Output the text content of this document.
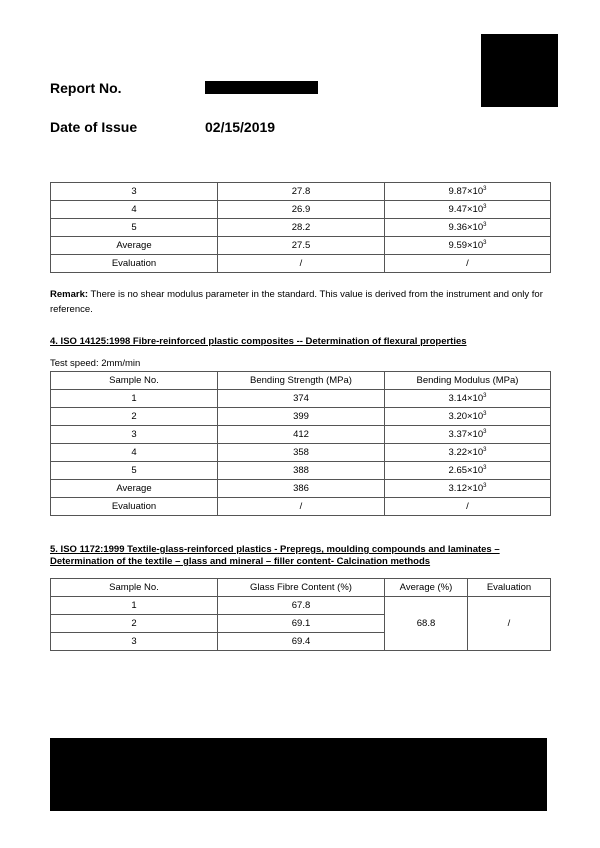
Report No.
Date of Issue	02/15/2019
3	27.8	$9.87\times 10^3$
4	26.9	$9.47\times 10^3$
5	28.2	$9.36\times 10^3$
Average	27.5	$9.59\times 10^3$
Evaluation	/	/
Remark: There is no shear modulus parameter in the standard. This value is derived from the instrument and only for reference.
4. ISO 14125:1998 Fibre-reinforced plastic composites -- Determination of flexural properties
Test speed: 2mm/min
Sample No.	Bending Strength (MPa)	Bending Modulus (MPa)
1	374	$3.14\times 10^3$
2	399	$3.20\times 10^3$
3	412	$3.37\times 10^3$
4	358	$3.22\times 10^3$
5	388	$2.65\times 10^3$
Average	386	$3.12\times 10^3$
Evaluation	/	/
5. ISO 1172:1999 Textile-glass-reinforced plastics - Prepregs, moulding compounds and laminates –
Determination of the textile – glass and mineral – filler content- Calcination methods
Sample No.	Glass Fibre Content (%)	Average (%)	Evaluation
1	67.8	68.8	/
2	69.1		
3	69.4		
